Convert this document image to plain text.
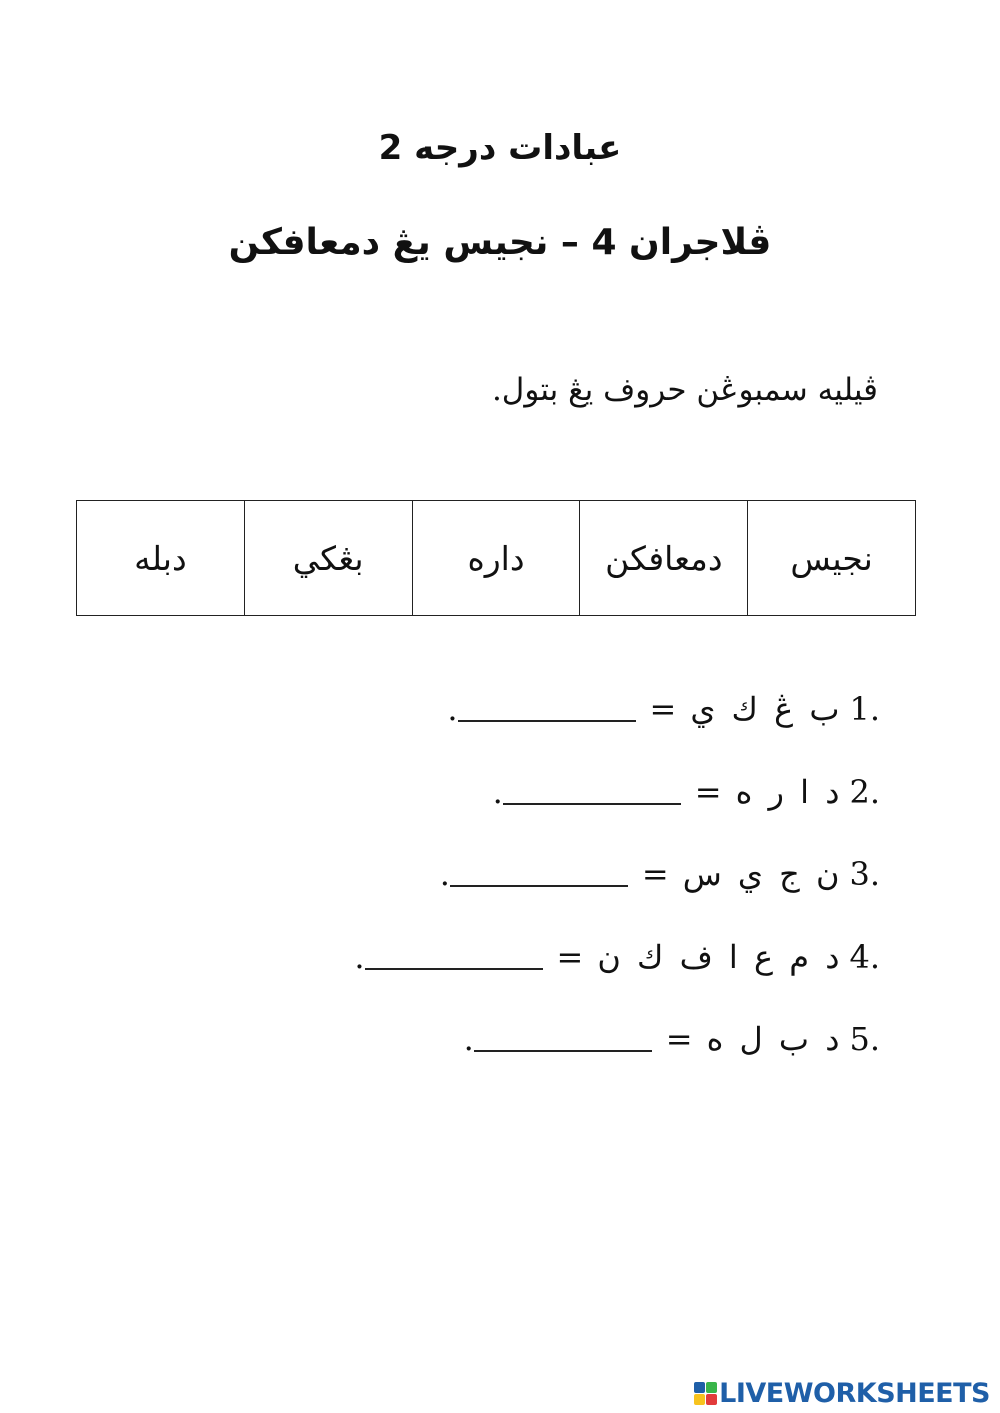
عبادات درجه 2
ڤلاجران 4 – نجيس يڠ دمعافكن

ڤيليه سمبوڠن حروف يڠ بتول.

نجيس	دمعافكن	داره	بڠكي	دبله
1.
ب ڠ ك ي
=
.
2.
د ا ر ه
=
.
3.
ن ج ي س
=
.
4.
د م ع ا ف ك ن
=
.
5.
د ب ل ه
=
.
LIVEWORKSHEETS
